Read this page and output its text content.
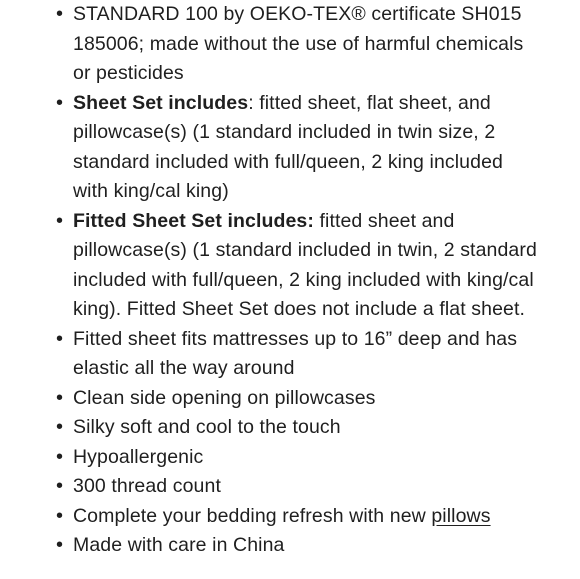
• STANDARD 100 by OEKO-TEX® certificate SH015 185006; made without the use of harmful chemicals or pesticides
• Sheet Set includes: fitted sheet, flat sheet, and pillowcase(s) (1 standard included in twin size, 2 standard included with full/queen, 2 king included with king/cal king)
• Fitted Sheet Set includes: fitted sheet and pillowcase(s) (1 standard included in twin, 2 standard included with full/queen, 2 king included with king/cal king). Fitted Sheet Set does not include a flat sheet.
• Fitted sheet fits mattresses up to 16” deep and has elastic all the way around
• Clean side opening on pillowcases
• Silky soft and cool to the touch
• Hypoallergenic
• 300 thread count
• Complete your bedding refresh with new pillows
• Made with care in China
